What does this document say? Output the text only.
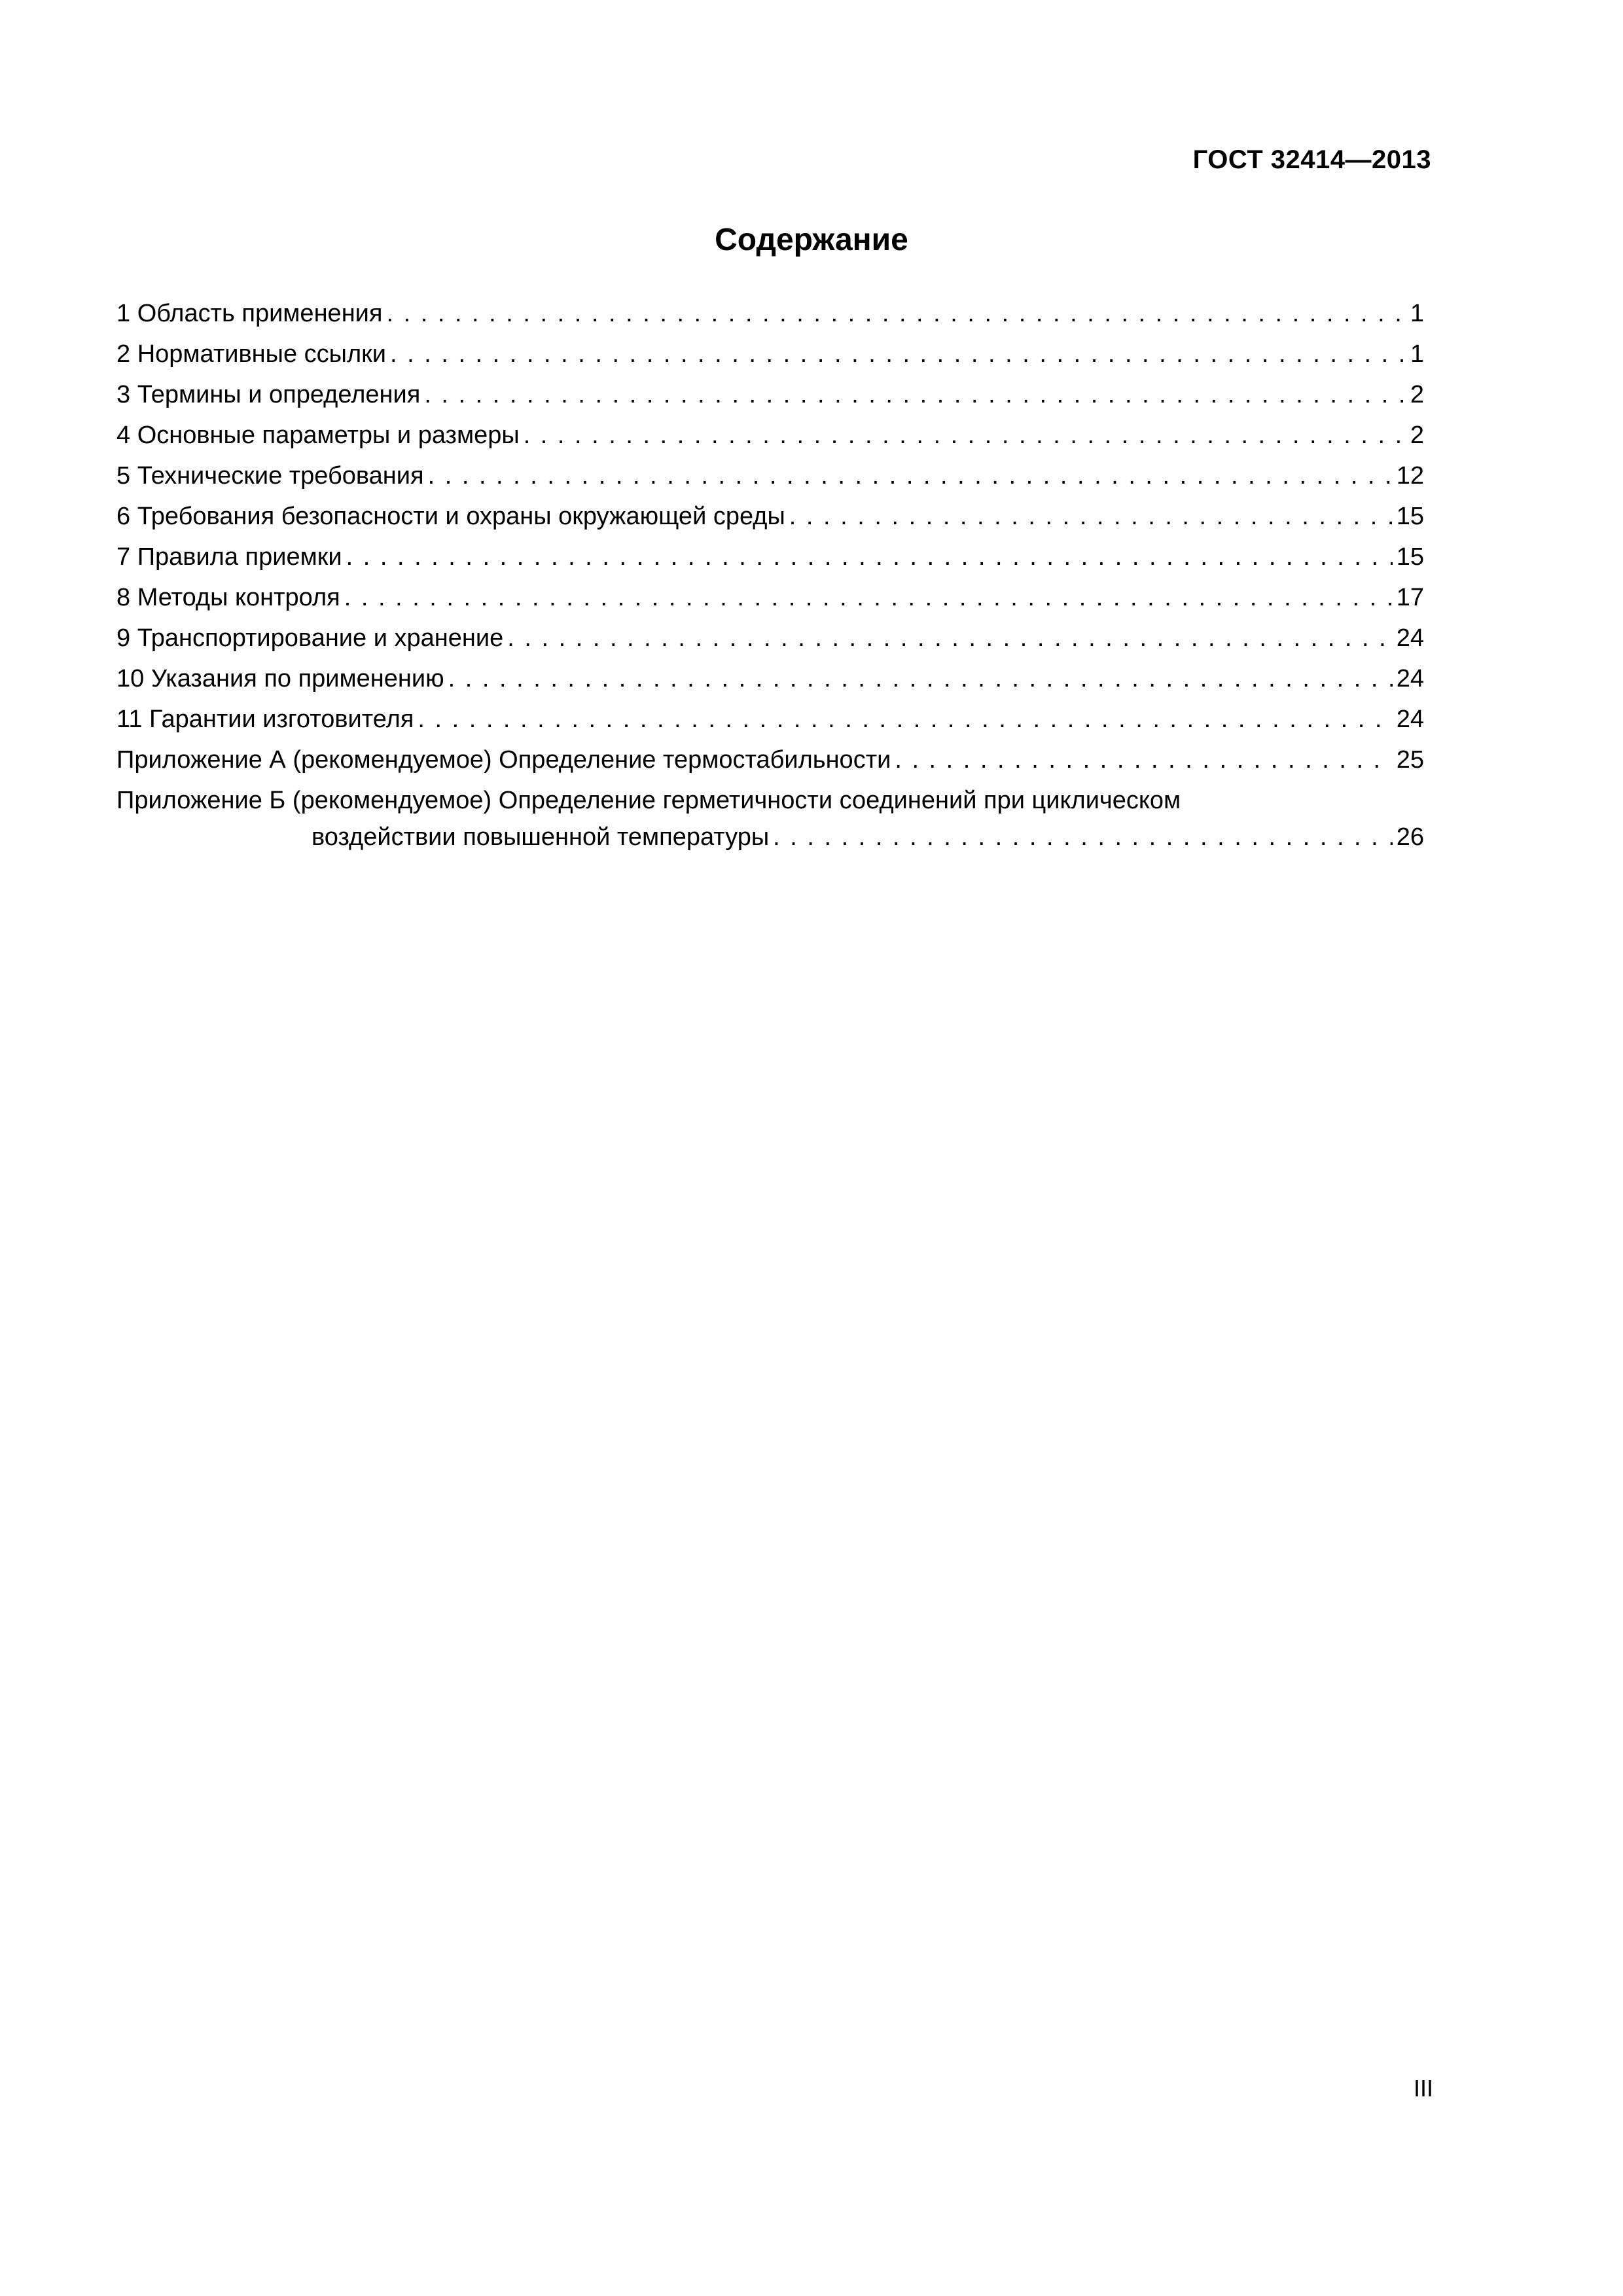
ГОСТ 32414—2013
Содержание
1 Область применения . . .	1
2 Нормативные ссылки . . .	1
3 Термины и определения . . .	2
4 Основные параметры и размеры . . .	2
5 Технические требования . . .	12
6 Требования безопасности и охраны окружающей среды . . .	15
7 Правила приемки . . .	15
8 Методы контроля . . .	17
9 Транспортирование и хранение . . .	24
10 Указания по применению . . .	24
11 Гарантии изготовителя . . .	24
Приложение А (рекомендуемое) Определение термостабильности . . .	25
Приложение Б (рекомендуемое) Определение герметичности соединений при циклическом
воздействии повышенной температуры . . .	26
III
